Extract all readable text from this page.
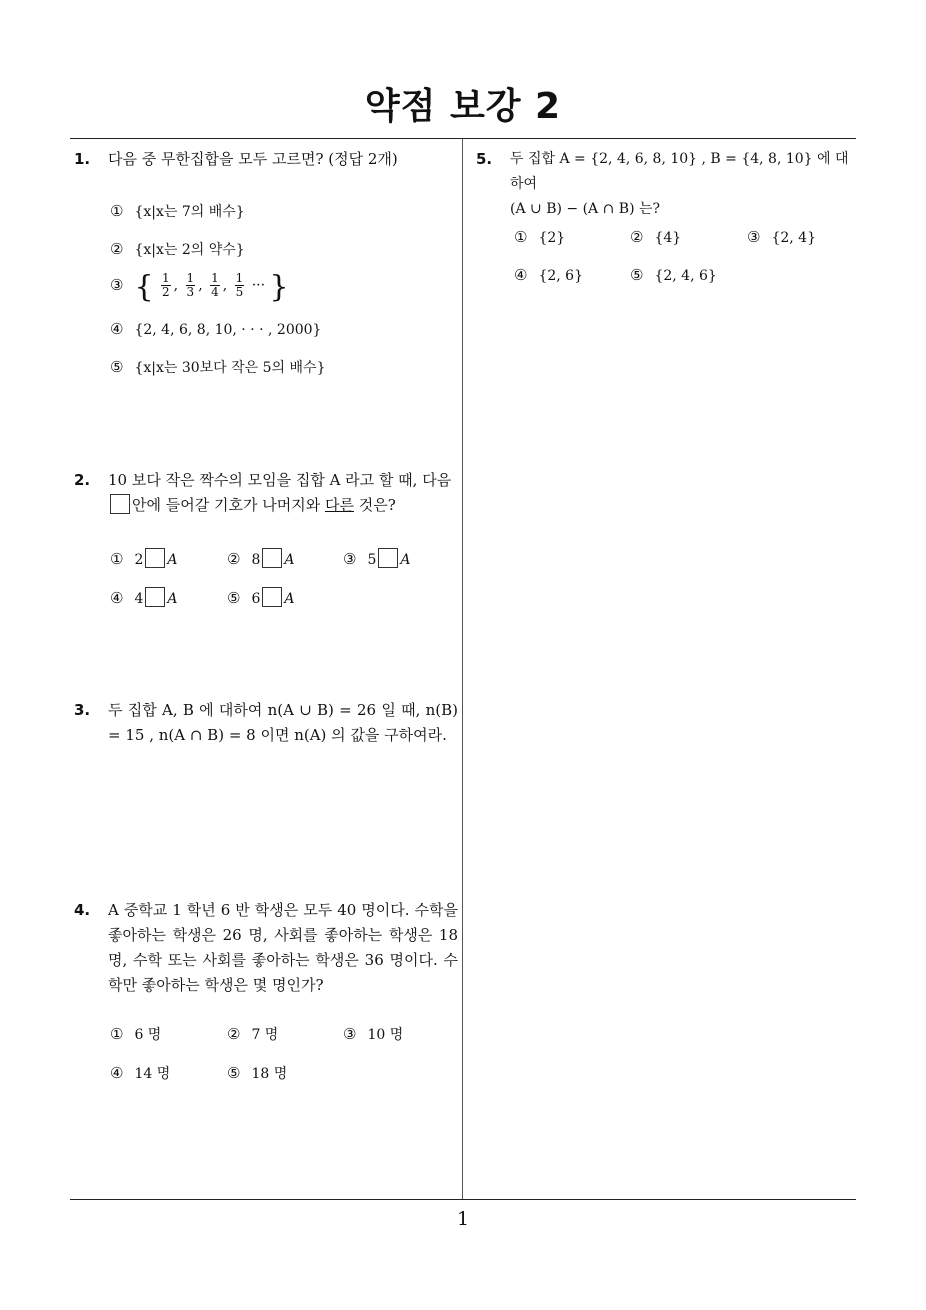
약점 보강 2
1
1. 다음 중 무한집합을 모두 고르면? (정답 2개)
① {x|x는 7의 배수}
② {x|x는 2의 약수}
③ { $\frac{1}{2}$ , $\frac{1}{3}$ , $\frac{1}{4}$ , $\frac{1}{5}$ ··· }
④ {2, 4, 6, 8, 10, · · · , 2000}
⑤ {x|x는 30보다 작은 5의 배수}
2. 10 보다 작은 짝수의 모임을 집합 A 라고 할 때, 다음
안에 들어갈 기호가 나머지와 다른 것은?
① 2 A	② 8 A	③ 5 A
④ 4 A	⑤ 6 A
3. 두 집합 A, B 에 대하여 n(A ∪ B) = 26 일 때, n(B) = 15 , n(A ∩ B) = 8 이면 n(A) 의 값을 구하여라.
4. A 중학교 1 학년 6 반 학생은 모두 40 명이다. 수학을 좋아하는 학생은 26 명, 사회를 좋아하는 학생은 18 명, 수학 또는 사회를 좋아하는 학생은 36 명이다. 수학만 좋아하는 학생은 몇 명인가?
① 6 명	② 7 명	③ 10 명
④ 14 명	⑤ 18 명
5. 두 집합 A = {2, 4, 6, 8, 10} , B = {4, 8, 10} 에 대하여
(A ∪ B) − (A ∩ B) 는?
① {2}	② {4}	③ {2, 4}
④ {2, 6}	⑤ {2, 4, 6}
